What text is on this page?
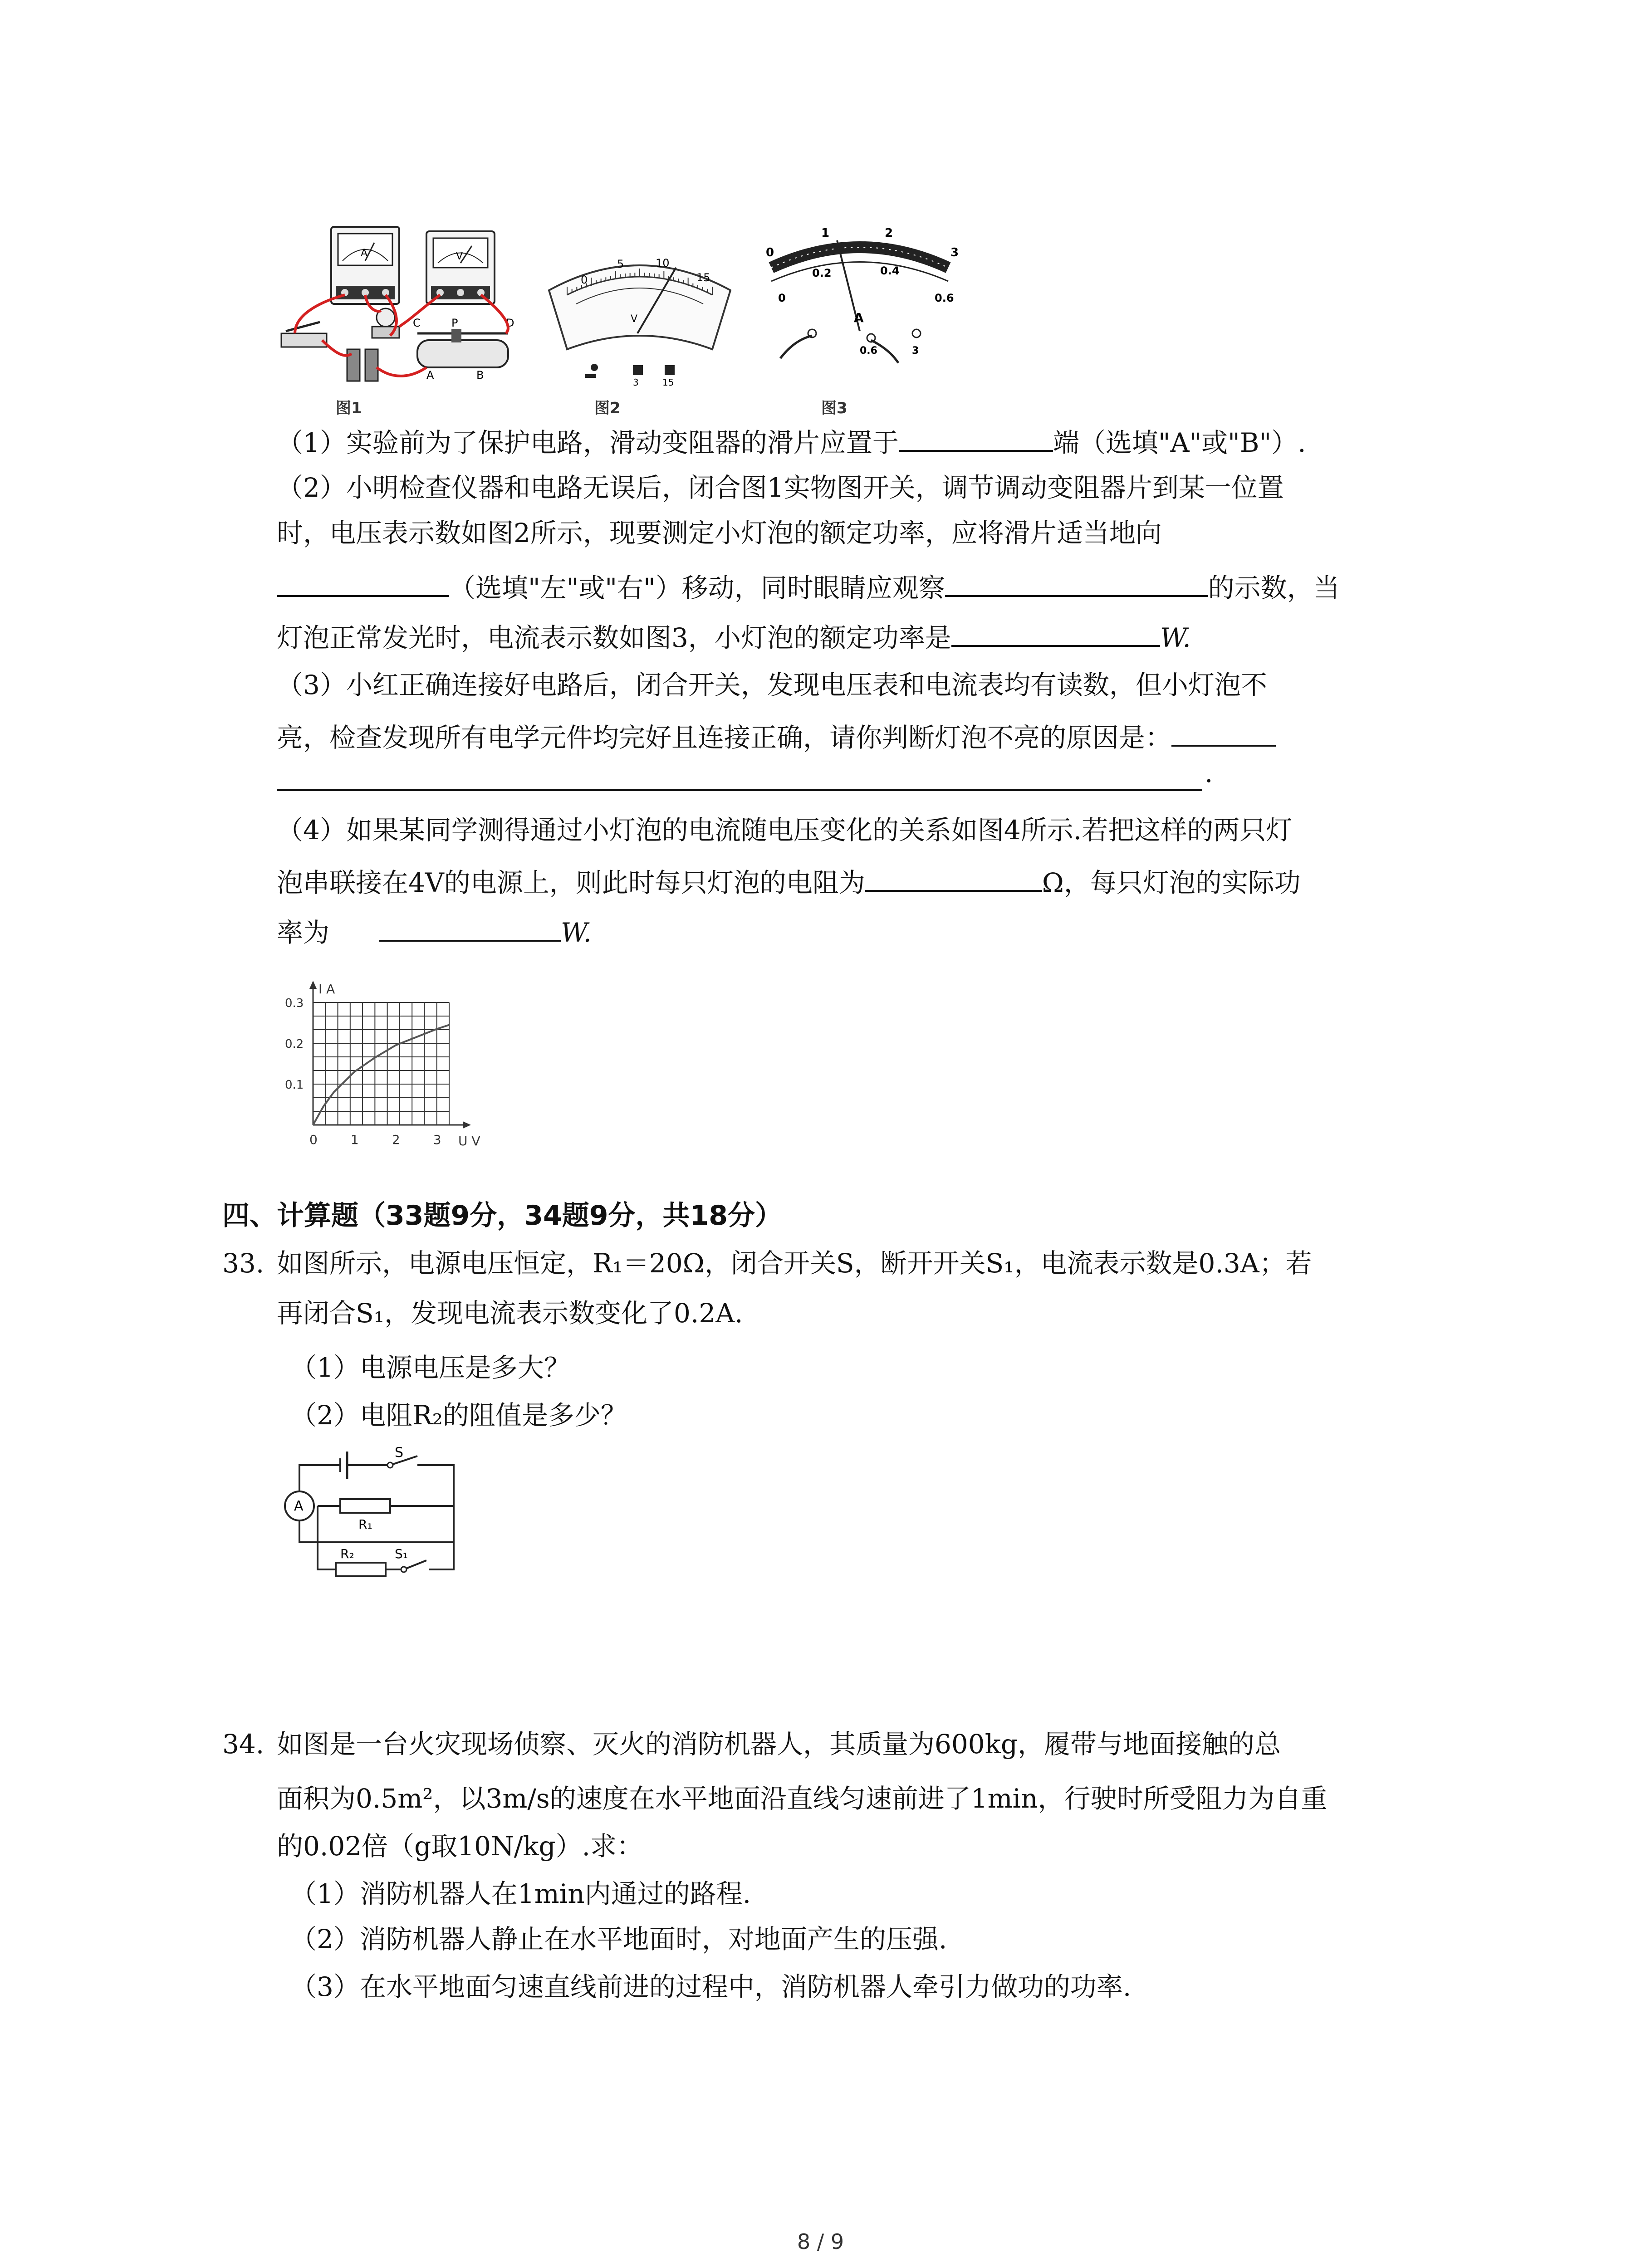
A	V
C	P	D
A	B
图1
0
5	10
15
V
3	15
图2
0
1	2
3
0.2	0.4
0	0.6
A
0.6	3
图3
（1）实验前为了保护电路，滑动变阻器的滑片应置于	端（选填"A"或"B"）.
（2）小明检查仪器和电路无误后，闭合图1实物图开关，调节调动变阻器片到某一位置
时，电压表示数如图2所示，现要测定小灯泡的额定功率，应将滑片适当地向
（选填"左"或"右"）移动，同时眼睛应观察	的示数，当
灯泡正常发光时，电流表示数如图3，小灯泡的额定功率是	W.
（3）小红正确连接好电路后，闭合开关，发现电压表和电流表均有读数，但小灯泡不
亮，检查发现所有电学元件均完好且连接正确，请你判断灯泡不亮的原因是：
.
（4）如果某同学测得通过小灯泡的电流随电压变化的关系如图4所示.若把这样的两只灯
泡串联接在4V的电源上，则此时每只灯泡的电阻为	Ω，每只灯泡的实际功
率为	W.
0	1	2	3
0.1
0.2
0.3
I A
U V
四、计算题（33题9分，34题9分，共18分）
33. 如图所示，电源电压恒定，R₁＝20Ω，闭合开关S，断开开关S₁，电流表示数是0.3A；若
再闭合S₁，发现电流表示数变化了0.2A.
（1）电源电压是多大？
（2）电阻R₂的阻值是多少？
A
S
R₁
R₂	S₁
34. 如图是一台火灾现场侦察、灭火的消防机器人，其质量为600kg，履带与地面接触的总
面积为0.5m²，以3m/s的速度在水平地面沿直线匀速前进了1min，行驶时所受阻力为自重
的0.02倍（g取10N/kg）.求：
（1）消防机器人在1min内通过的路程.
（2）消防机器人静止在水平地面时，对地面产生的压强.
（3）在水平地面匀速直线前进的过程中，消防机器人牵引力做功的功率.
8 / 9
